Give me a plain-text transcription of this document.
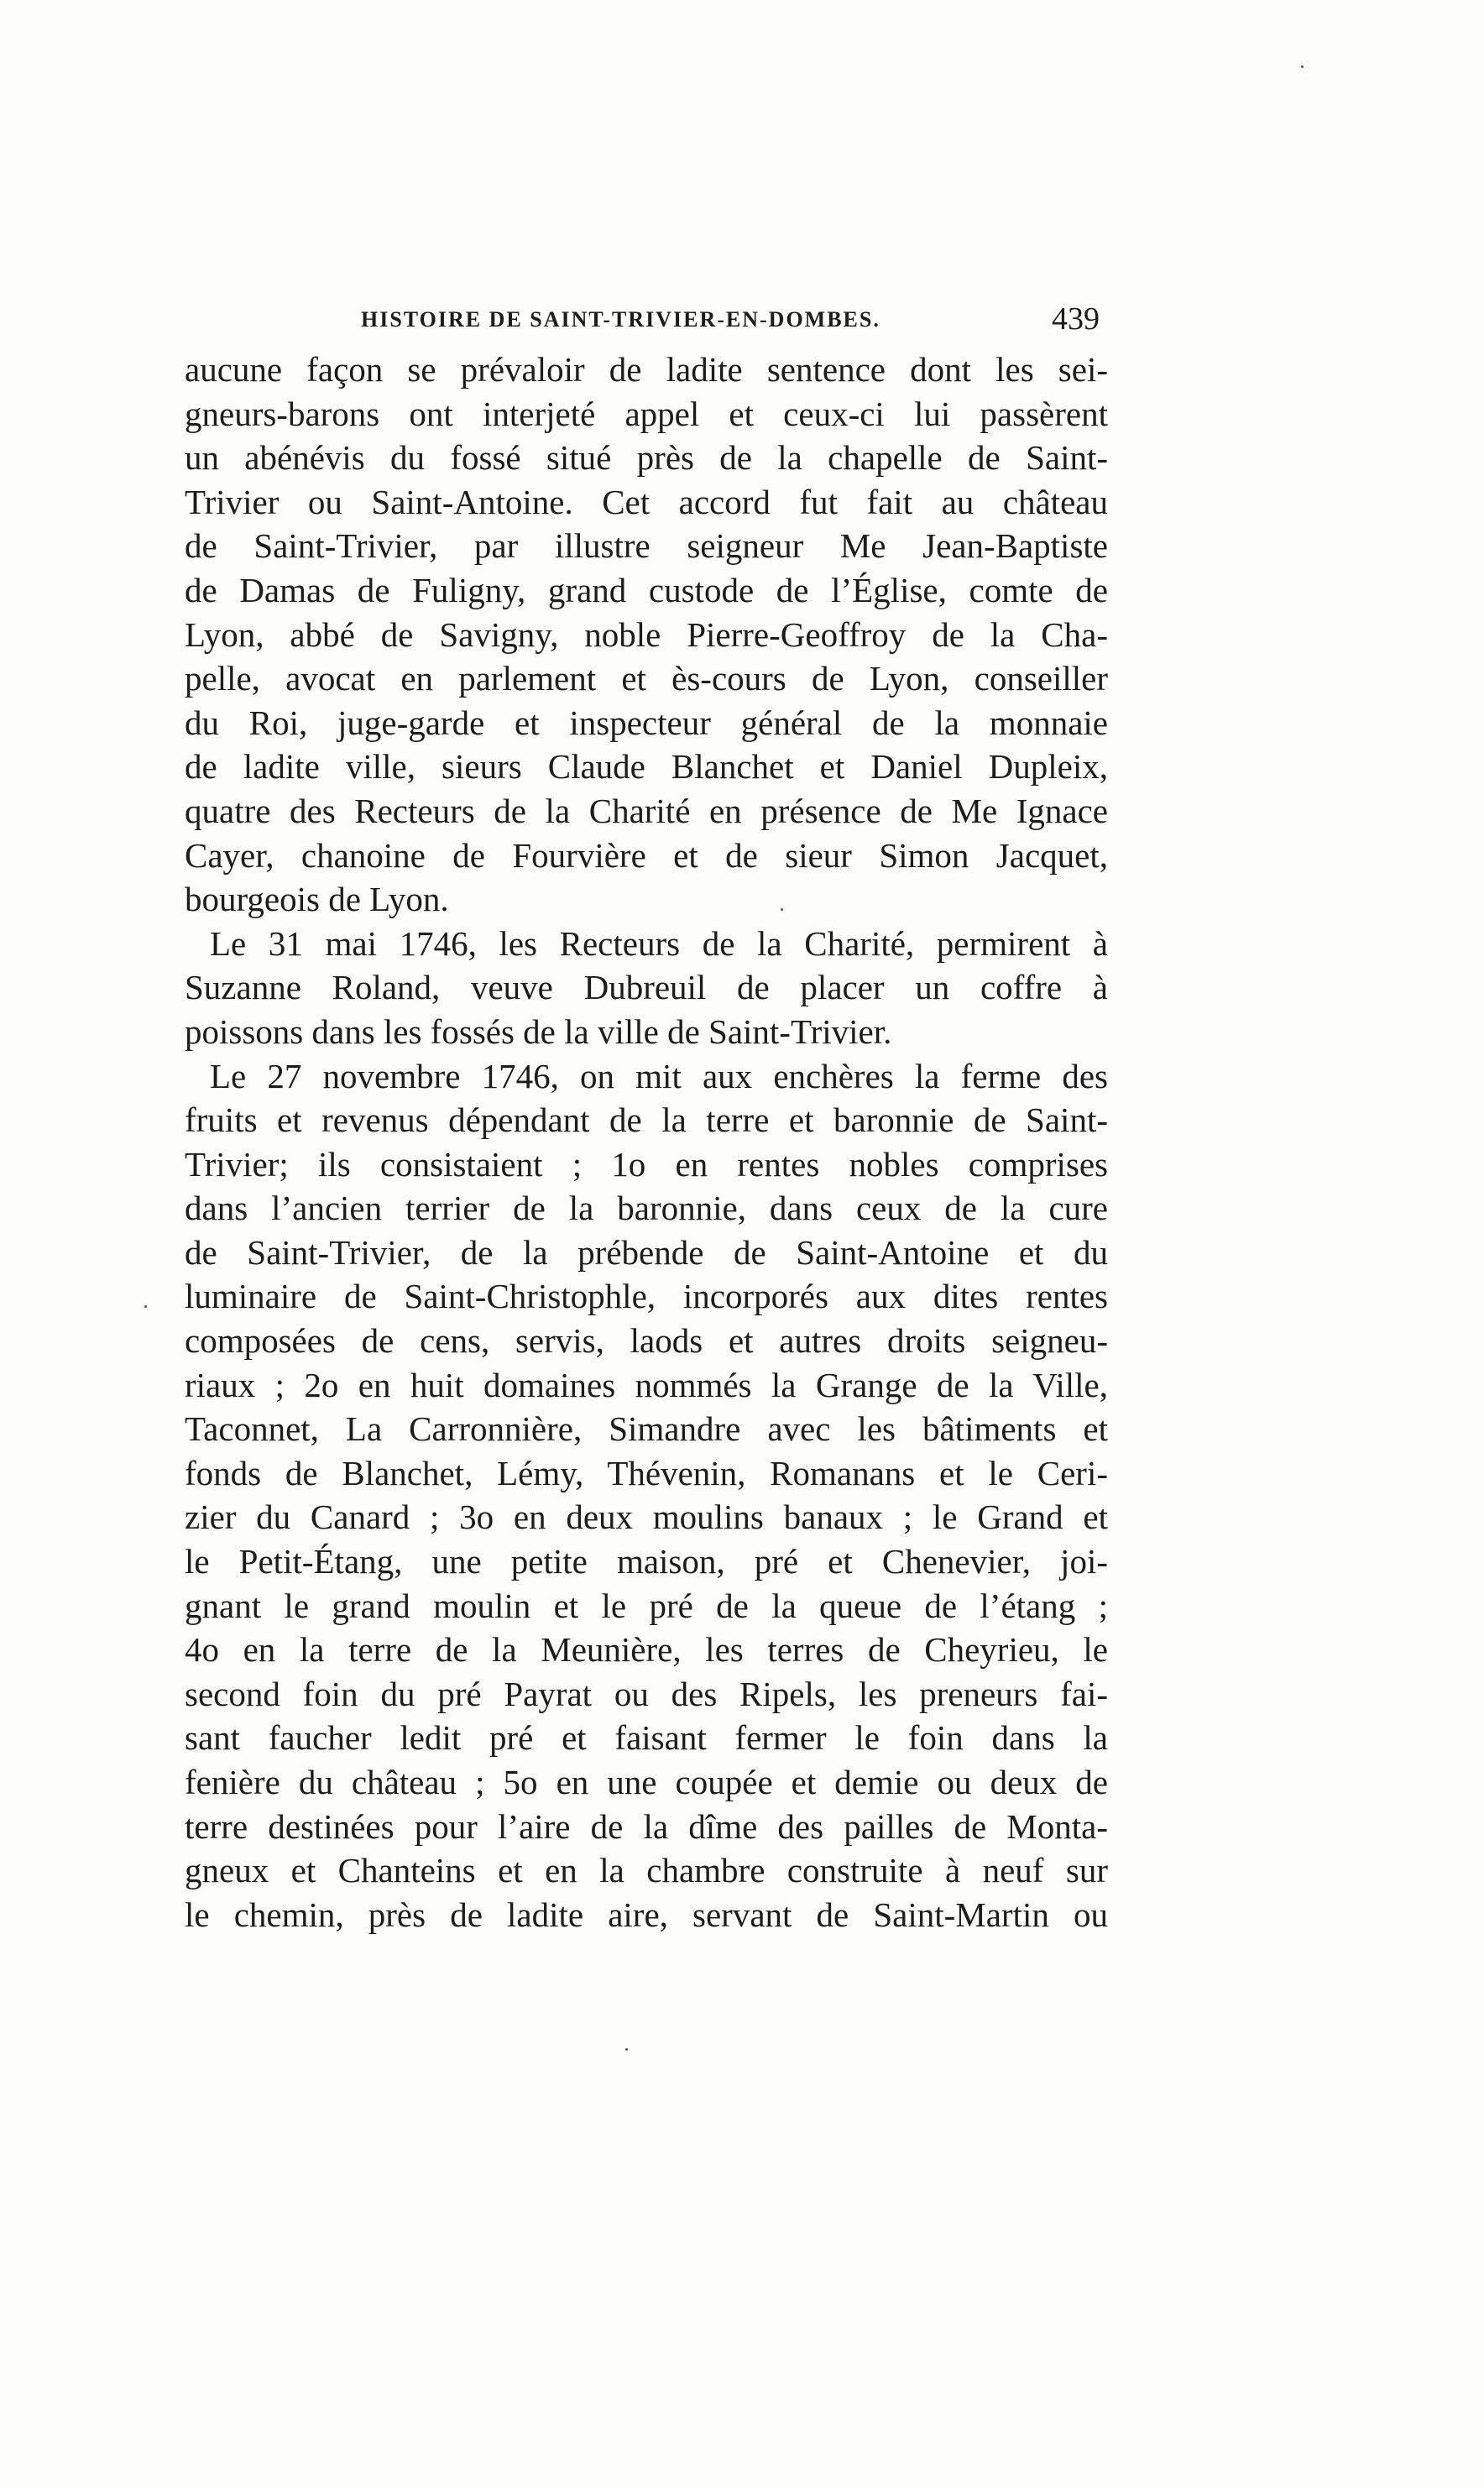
HISTOIRE DE SAINT-TRIVIER-EN-DOMBES.	439
aucune façon se prévaloir de ladite sentence dont les sei-
gneurs-barons ont interjeté appel et ceux-ci lui passèrent
un abénévis du fossé situé près de la chapelle de Saint-
Trivier ou Saint-Antoine. Cet accord fut fait au château
de Saint-Trivier, par illustre seigneur Me Jean-Baptiste
de Damas de Fuligny, grand custode de l’Église, comte de
Lyon, abbé de Savigny, noble Pierre-Geoffroy de la Cha-
pelle, avocat en parlement et ès-cours de Lyon, conseiller
du Roi, juge-garde et inspecteur général de la monnaie
de ladite ville, sieurs Claude Blanchet et Daniel Dupleix,
quatre des Recteurs de la Charité en présence de Me Ignace
Cayer, chanoine de Fourvière et de sieur Simon Jacquet,
bourgeois de Lyon.
Le 31 mai 1746, les Recteurs de la Charité, permirent à
Suzanne Roland, veuve Dubreuil de placer un coffre à
poissons dans les fossés de la ville de Saint-Trivier.
Le 27 novembre 1746, on mit aux enchères la ferme des
fruits et revenus dépendant de la terre et baronnie de Saint-
Trivier; ils consistaient ; 1o en rentes nobles comprises
dans l’ancien terrier de la baronnie, dans ceux de la cure
de Saint-Trivier, de la prébende de Saint-Antoine et du
luminaire de Saint-Christophle, incorporés aux dites rentes
composées de cens, servis, laods et autres droits seigneu-
riaux ; 2o en huit domaines nommés la Grange de la Ville,
Taconnet, La Carronnière, Simandre avec les bâtiments et
fonds de Blanchet, Lémy, Thévenin, Romanans et le Ceri-
zier du Canard ; 3o en deux moulins banaux ; le Grand et
le Petit-Étang, une petite maison, pré et Chenevier, joi-
gnant le grand moulin et le pré de la queue de l’étang ;
4o en la terre de la Meunière, les terres de Cheyrieu, le
second foin du pré Payrat ou des Ripels, les preneurs fai-
sant faucher ledit pré et faisant fermer le foin dans la
fenière du château ; 5o en une coupée et demie ou deux de
terre destinées pour l’aire de la dîme des pailles de Monta-
gneux et Chanteins et en la chambre construite à neuf sur
le chemin, près de ladite aire, servant de Saint-Martin ou
